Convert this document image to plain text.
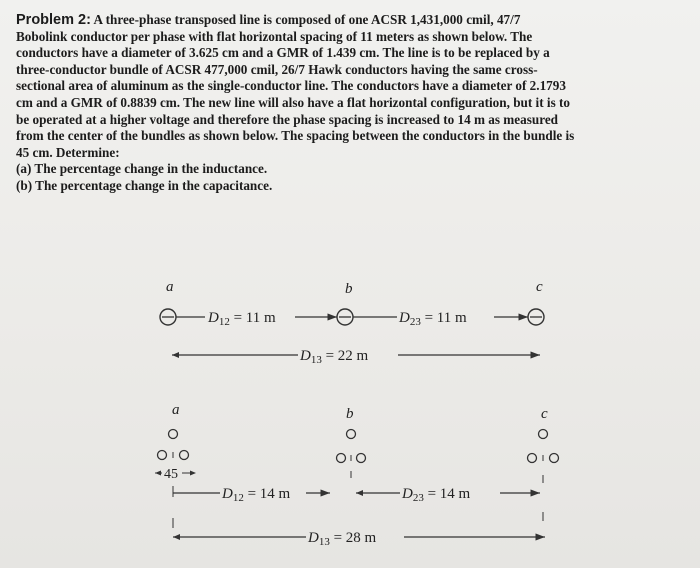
Problem 2: A three-phase transposed line is composed of one ACSR 1,431,000 cmil, 47/7
Bobolink conductor per phase with flat horizontal spacing of 11 meters as shown below. The
conductors have a diameter of 3.625 cm and a GMR of 1.439 cm. The line is to be replaced by a
three-conductor bundle of ACSR 477,000 cmil, 26/7 Hawk conductors having the same cross-
sectional area of aluminum as the single-conductor line. The conductors have a diameter of 2.1793
cm and a GMR of 0.8839 cm. The new line will also have a flat horizontal configuration, but it is to
be operated at a higher voltage and therefore the phase spacing is increased to 14 m as measured
from the center of the bundles as shown below. The spacing between the conductors in the bundle is
45 cm. Determine:
(a) The percentage change in the inductance.
(b) The percentage change in the capacitance.
a	b	c
$D_{12} = 11$ m	$D_{23} = 11$ m
$D_{13} = 22$ m
a	b	c
45
$D_{12} = 14$ m	$D_{23} = 14$ m
$D_{13} = 28$ m
